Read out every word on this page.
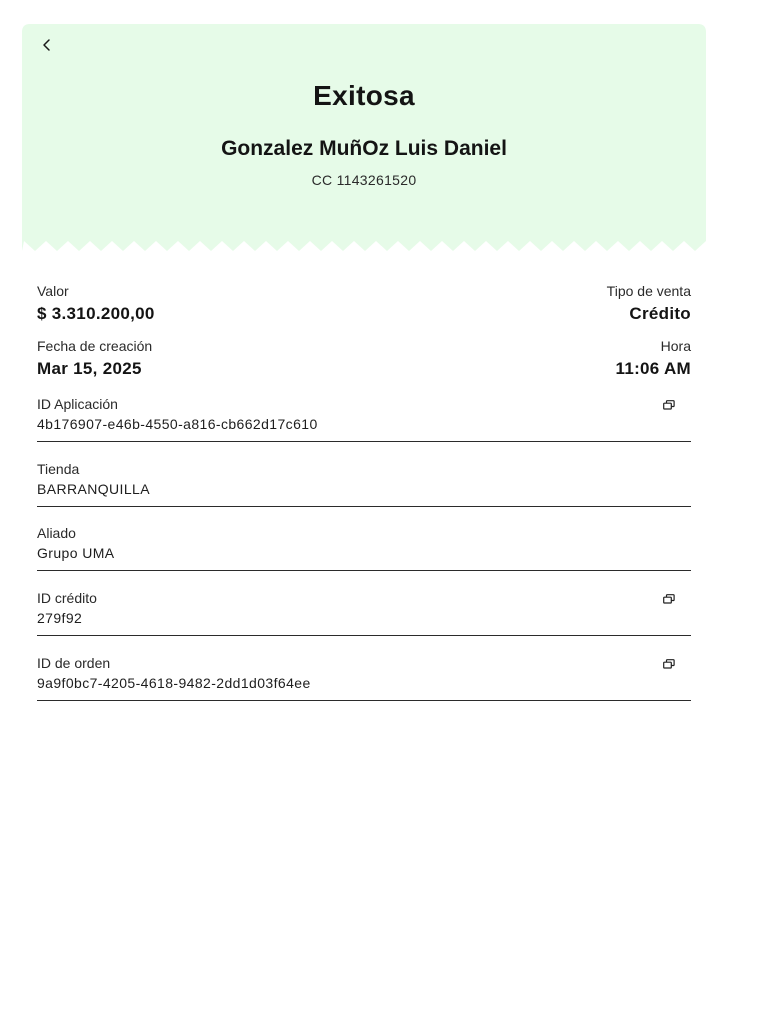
Exitosa
Gonzalez MuñOz Luis Daniel
CC 1143261520
Valor
$ 3.310.200,00
Tipo de venta
Crédito
Fecha de creación
Mar 15, 2025
Hora
11:06 AM
ID Aplicación
4b176907-e46b-4550-a816-cb662d17c610
Tienda
BARRANQUILLA
Aliado
Grupo UMA
ID crédito
279f92
ID de orden
9a9f0bc7-4205-4618-9482-2dd1d03f64ee
